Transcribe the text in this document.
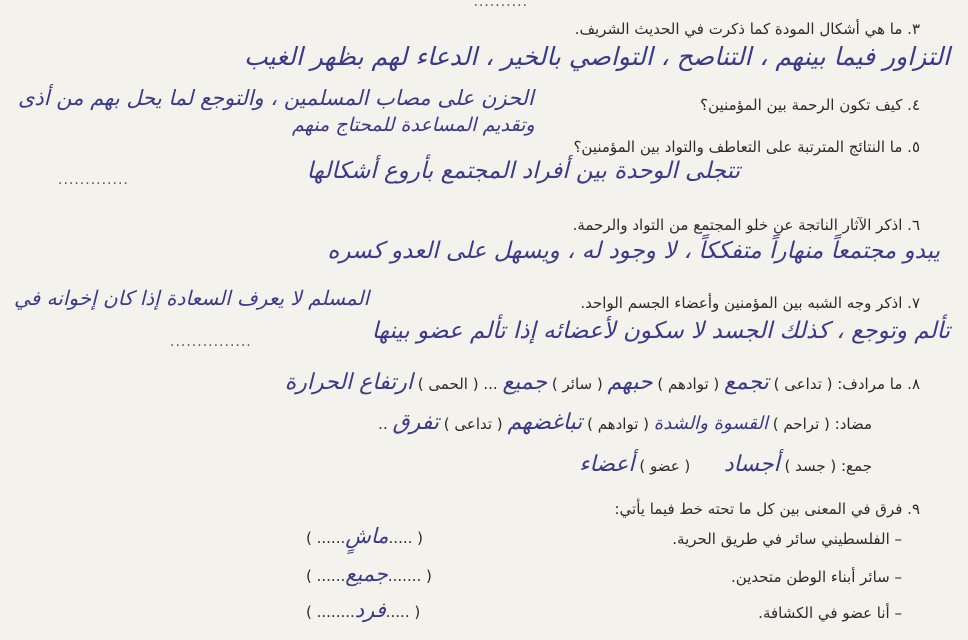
..........
٣. ما هي أشكال المودة كما ذكرت في الحديث الشريف.
التزاور فيما بينهم ، التناصح ، التواصي بالخير ، الدعاء لهم بظهر الغيب
٤. كيف تكون الرحمة بين المؤمنين؟
الحزن على مصاب المسلمين ، والتوجع لما يحل بهم من أذى
وتقديم المساعدة للمحتاج منهم
٥. ما النتائج المترتبة على التعاطف والتواد بين المؤمنين؟
تتجلى الوحدة بين أفراد المجتمع بأروع أشكالها
.............
٦. اذكر الآثار الناتجة عن خلو المجتمع من التواد والرحمة.
يبدو مجتمعاً منهاراً متفككاً ، لا وجود له ، ويسهل على العدو كسره
٧. اذكر وجه الشبه بين المؤمنين وأعضاء الجسم الواحد.
المسلم لا يعرف السعادة إذا كان إخوانه في
تألم وتوجع ، كذلك الجسد لا سكون لأعضائه إذا تألم عضو بينها
...............
٨. ما مرادف: ( تداعى ) تجمع ( توادهم ) حبهم ( سائر ) جميع ... ( الحمى ) ارتفاع الحرارة
مضاد: ( تراحم ) القسوة والشدة ( توادهم ) تباغضهم ( تداعى ) تفرق ..
جمع: ( جسد ) أجساد  ( عضو ) أعضاء
٩. فرق في المعنى بين كل ما تحته خط فيما يأتي:
– الفلسطيني سائر في طريق الحرية.
( ......ماشٍ..... )
– سائر أبناء الوطن متحدين.
( ......جميع....... )
– أنا عضو في الكشافة.
( ........فرد..... )
